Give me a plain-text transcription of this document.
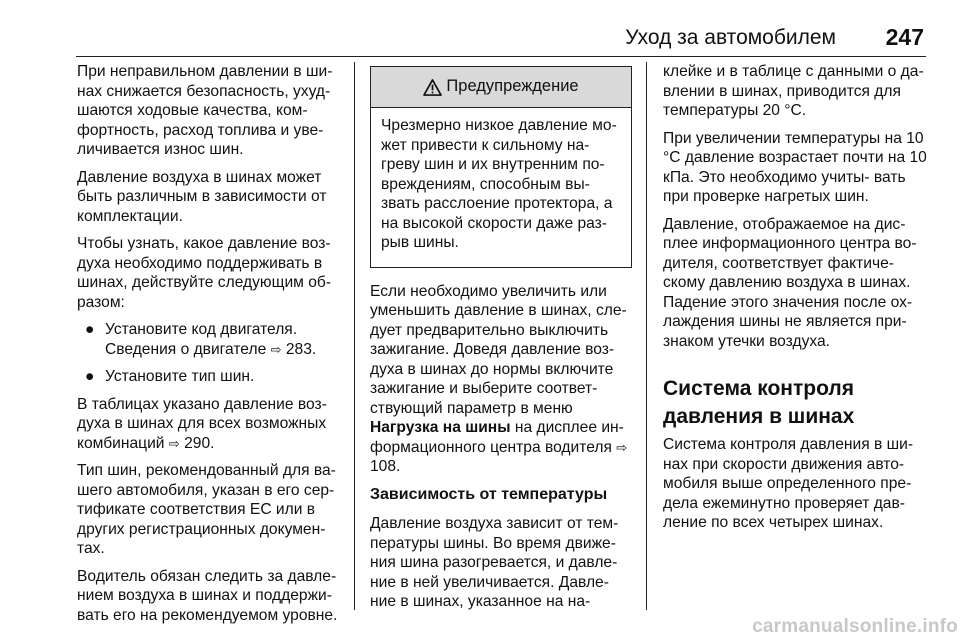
Уход за автомобилем 247

При неправильном давлении в ши- нах снижается безопасность, ухуд- шаются ходовые качества, ком- фортность, расход топлива и уве- личивается износ шин.

Давление воздуха в шинах может быть различным в зависимости от комплектации.

Чтобы узнать, какое давление воз- духа необходимо поддерживать в шинах, действуйте следующим об- разом:

● Установите код двигателя. Сведения о двигателе ⇨ 283.
● Установите тип шин.

В таблицах указано давление воз- духа в шинах для всех возможных комбинаций ⇨ 290.

Тип шин, рекомендованный для ва- шего автомобиля, указан в его сер- тификате соответствия ЕС или в других регистрационных докумен- тах.

Водитель обязан следить за давле- нием воздуха в шинах и поддержи- вать его на рекомендуемом уровне.

Предупреждение
Чрезмерно низкое давление мо- жет привести к сильному на- греву шин и их внутренним по- вреждениям, способным вы- звать расслоение протектора, а на высокой скорости даже раз- рыв шины.

Если необходимо увеличить или уменьшить давление в шинах, сле- дует предварительно выключить зажигание. Доведя давление воз- духа в шинах до нормы включите зажигание и выберите соответ- ствующий параметр в меню Нагрузка на шины на дисплее ин- формационного центра водителя ⇨ 108.

Зависимость от температуры

Давление воздуха зависит от тем- пературы шины. Во время движе- ния шина разогревается, и давле- ние в ней увеличивается. Давле- ние в шинах, указанное на на-

клейке и в таблице с данными о да- влении в шинах, приводится для температуры 20 °C.

При увеличении температуры на 10 °C давление возрастает почти на 10 кПа. Это необходимо учиты- вать при проверке нагретых шин.

Давление, отображаемое на дис- плее информационного центра во- дителя, соответствует фактиче- скому давлению воздуха в шинах. Падение этого значения после ох- лаждения шины не является при- знаком утечки воздуха.

Система контроля
давления в шинах

Система контроля давления в ши- нах при скорости движения авто- мобиля выше определенного пре- дела ежеминутно проверяет дав- ление по всех четырех шинах.

carmanualsonline.info
